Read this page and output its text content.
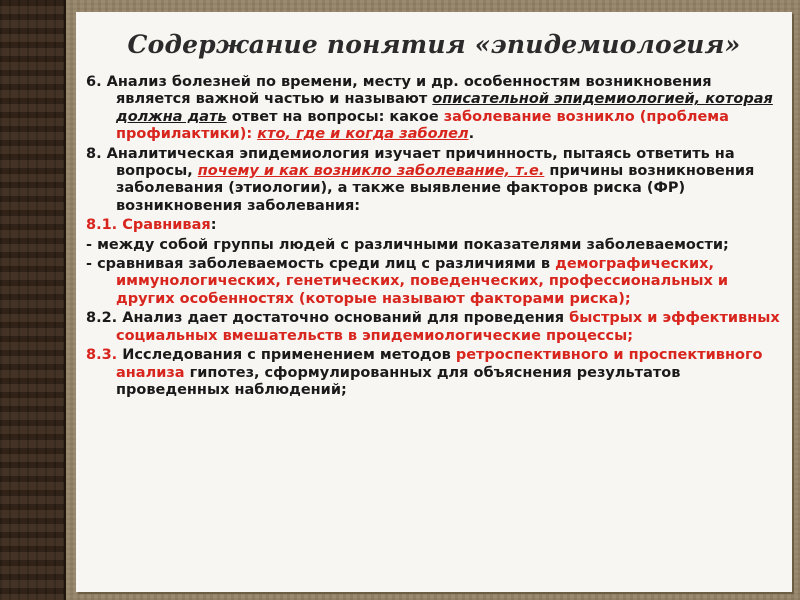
Содержание понятия «эпидемиология»

6. Анализ болезней по времени, месту и др. особенностям возникновения является важной частью и называют описательной эпидемиологией, которая должна дать ответ на вопросы: какое заболевание возникло (проблема профилактики): кто, где и когда заболел.

8. Аналитическая эпидемиология изучает причинность, пытаясь ответить на вопросы, почему и как возникло заболевание, т.е. причины возникновения заболевания (этиологии), а также выявление факторов риска (ФР) возникновения заболевания:

8.1. Сравнивая:

- между собой группы людей с различными показателями заболеваемости;

- сравнивая заболеваемость среди лиц с различиями в демографических, иммунологических, генетических, поведенческих, профессиональных и других особенностях (которые называют факторами риска);

8.2. Анализ дает достаточно оснований для проведения быстрых и эффективных социальных вмешательств в эпидемиологические процессы;

8.3. Исследования с применением методов ретроспективного и проспективного анализа гипотез, сформулированных для объяснения результатов проведенных наблюдений;
